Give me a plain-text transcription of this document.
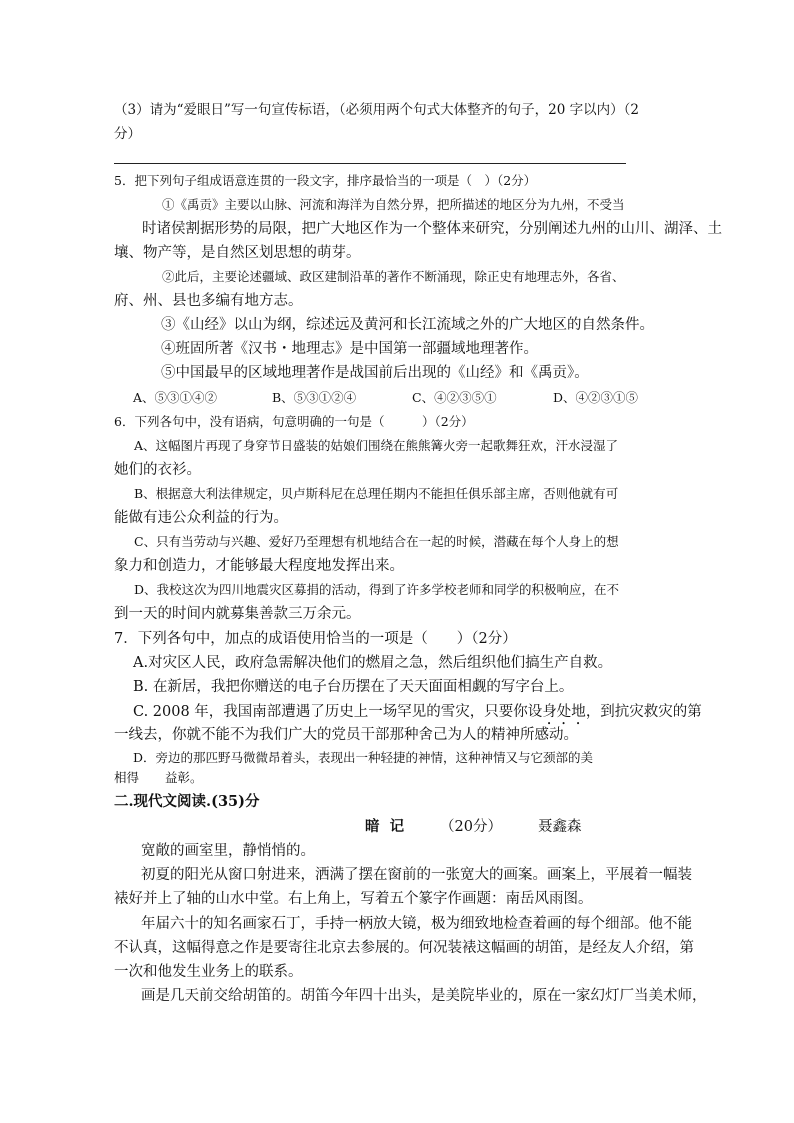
（3）请为“爱眼日”写一句宣传标语，（必须用两个句式大体整齐的句子，20 字以内）（2
分）
5．把下列句子组成语意连贯的一段文字，排序最恰当的一项是（　）（2分）
①《禹贡》主要以山脉、河流和海洋为自然分界，把所描述的地区分为九州，不受当
时诸侯割据形势的局限，把广大地区作为一个整体来研究，分别阐述九州的山川、湖泽、土
壤、物产等，是自然区划思想的萌芽。
②此后，主要论述疆域、政区建制沿革的著作不断涌现，除正史有地理志外，各省、
府、州、县也多编有地方志。
③《山经》以山为纲，综述远及黄河和长江流域之外的广大地区的自然条件。
④班固所著《汉书・地理志》是中国第一部疆域地理著作。
⑤中国最早的区域地理著作是战国前后出现的《山经》和《禹贡》。
A、⑤③①④②	B、⑤③①②④	C、④②③⑤①	D、④②③①⑤
6．下列各句中，没有语病，句意明确的一句是（　　　）（2分）
A、这幅图片再现了身穿节日盛装的姑娘们围绕在熊熊篝火旁一起歌舞狂欢，汗水浸湿了
她们的衣衫。
B、根据意大利法律规定，贝卢斯科尼在总理任期内不能担任俱乐部主席，否则他就有可
能做有违公众利益的行为。
C、只有当劳动与兴趣、爱好乃至理想有机地结合在一起的时候，潜藏在每个人身上的想
象力和创造力，才能够最大程度地发挥出来。
D、我校这次为四川地震灾区募捐的活动，得到了许多学校老师和同学的积极响应，在不
到一天的时间内就募集善款三万余元。
7．下列各句中，加点的成语使用恰当的一项是（　　）（2分）
A.对灾区人民，政府急需解决他们的燃眉之急，然后组织他们搞生产自救。
B. 在新居，我把你赠送的电子台历摆在了天天面面相觑的写字台上。
C. 2008 年，我国南部遭遇了历史上一场罕见的雪灾，只要你设身处地，到抗灾救灾的第
一线去，你就不能不为我们广大的党员干部那种舍己为人的精神所感动。
D．旁边的那匹野马微微昂着头，表现出一种轻捷的神情，这种神情又与它颈部的美
相得 益彰。
二.现代文阅读.(35)分
暗  记 （20分） 聂鑫森
宽敞的画室里，静悄悄的。
初夏的阳光从窗口射进来，洒满了摆在窗前的一张宽大的画案。画案上，平展着一幅装
裱好并上了轴的山水中堂。右上角上，写着五个篆字作画题：南岳风雨图。
年届六十的知名画家石丁，手持一柄放大镜，极为细致地检查着画的每个细部。他不能
不认真，这幅得意之作是要寄往北京去参展的。何况装裱这幅画的胡笛，是经友人介绍，第
一次和他发生业务上的联系。
画是几天前交给胡笛的。胡笛今年四十出头，是美院毕业的，原在一家幻灯厂当美术师，
